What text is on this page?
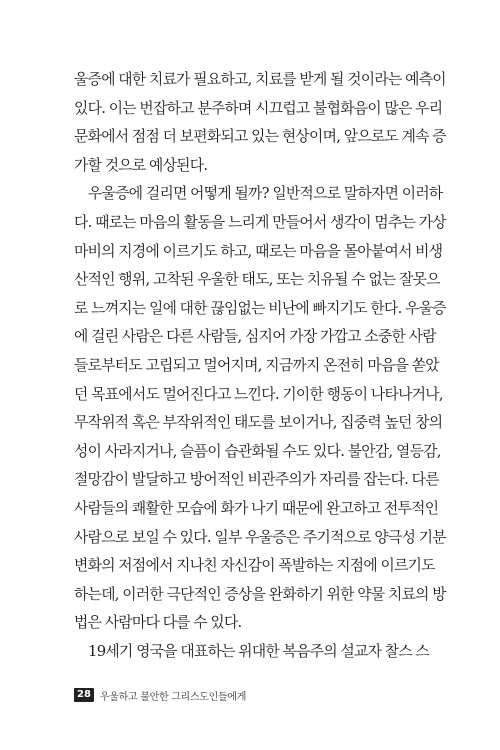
울증에 대한 치료가 필요하고, 치료를 받게 될 것이라는 예측이
있다. 이는 번잡하고 분주하며 시끄럽고 불협화음이 많은 우리
문화에서 점점 더 보편화되고 있는 현상이며, 앞으로도 계속 증
가할 것으로 예상된다.
우울증에 걸리면 어떻게 될까? 일반적으로 말하자면 이러하
다. 때로는 마음의 활동을 느리게 만들어서 생각이 멈추는 가상
마비의 지경에 이르기도 하고, 때로는 마음을 몰아붙여서 비생
산적인 행위, 고착된 우울한 태도, 또는 치유될 수 없는 잘못으
로 느껴지는 일에 대한 끊임없는 비난에 빠지기도 한다. 우울증
에 걸린 사람은 다른 사람들, 심지어 가장 가깝고 소중한 사람
들로부터도 고립되고 멀어지며, 지금까지 온전히 마음을 쏟았
던 목표에서도 멀어진다고 느낀다. 기이한 행동이 나타나거나,
무작위적 혹은 부작위적인 태도를 보이거나, 집중력 높던 창의
성이 사라지거나, 슬픔이 습관화될 수도 있다. 불안감, 열등감,
절망감이 발달하고 방어적인 비관주의가 자리를 잡는다. 다른
사람들의 쾌활한 모습에 화가 나기 때문에 완고하고 전투적인
사람으로 보일 수 있다. 일부 우울증은 주기적으로 양극성 기분
변화의 저점에서 지나친 자신감이 폭발하는 지점에 이르기도
하는데, 이러한 극단적인 증상을 완화하기 위한 약물 치료의 방
법은 사람마다 다를 수 있다.
19세기 영국을 대표하는 위대한 복음주의 설교자 찰스 스
28 우울하고 불안한 그리스도인들에게
